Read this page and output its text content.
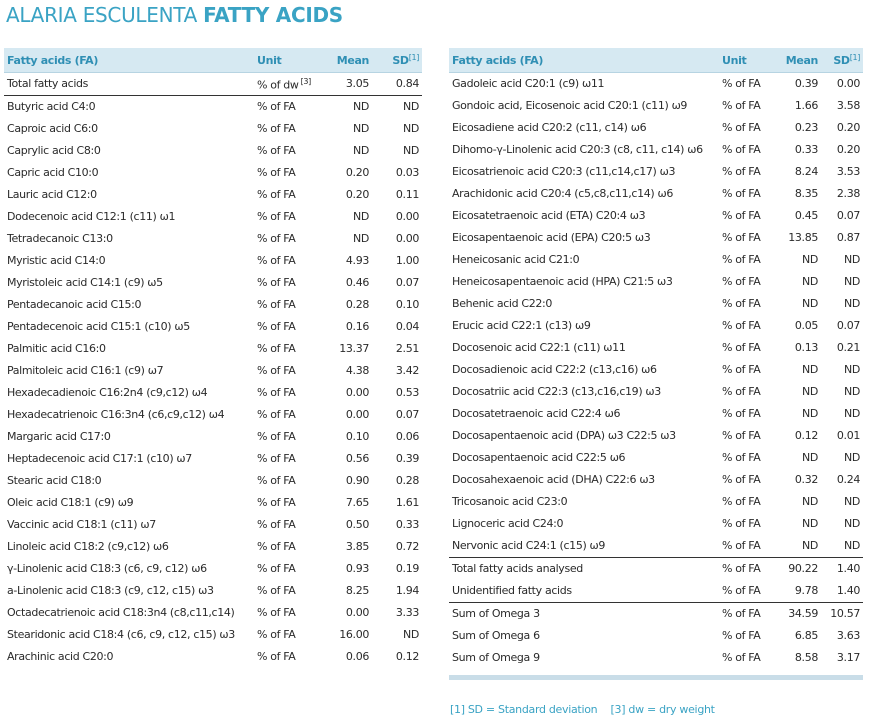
ALARIA ESCULENTA FATTY ACIDS
Fatty acids (FA)	Unit	Mean	SD[1]
Total fatty acids	% of dw [3]	3.05	0.84
Butyric acid C4:0	% of FA	ND	ND
Caproic acid C6:0	% of FA	ND	ND
Caprylic acid C8:0	% of FA	ND	ND
Capric acid C10:0	% of FA	0.20	0.03
Lauric acid C12:0	% of FA	0.20	0.11
Dodecenoic acid C12:1 (c11) ω1	% of FA	ND	0.00
Tetradecanoic C13:0	% of FA	ND	0.00
Myristic acid C14:0	% of FA	4.93	1.00
Myristoleic acid C14:1 (c9) ω5	% of FA	0.46	0.07
Pentadecanoic acid C15:0	% of FA	0.28	0.10
Pentadecenoic acid C15:1 (c10) ω5	% of FA	0.16	0.04
Palmitic acid C16:0	% of FA	13.37	2.51
Palmitoleic acid C16:1 (c9) ω7	% of FA	4.38	3.42
Hexadecadienoic C16:2n4 (c9,c12) ω4	% of FA	0.00	0.53
Hexadecatrienoic C16:3n4 (c6,c9,c12) ω4	% of FA	0.00	0.07
Margaric acid C17:0	% of FA	0.10	0.06
Heptadecenoic acid C17:1 (c10) ω7	% of FA	0.56	0.39
Stearic acid C18:0	% of FA	0.90	0.28
Oleic acid C18:1 (c9) ω9	% of FA	7.65	1.61
Vaccinic acid C18:1 (c11) ω7	% of FA	0.50	0.33
Linoleic acid C18:2 (c9,c12) ω6	% of FA	3.85	0.72
γ-Linolenic acid C18:3 (c6, c9, c12) ω6	% of FA	0.93	0.19
a-Linolenic acid C18:3 (c9, c12, c15) ω3	% of FA	8.25	1.94
Octadecatrienoic acid C18:3n4 (c8,c11,c14)	% of FA	0.00	3.33
Stearidonic acid C18:4 (c6, c9, c12, c15) ω3	% of FA	16.00	ND
Arachinic acid C20:0	% of FA	0.06	0.12
Fatty acids (FA)	Unit	Mean	SD[1]
Gadoleic acid C20:1 (c9) ω11	% of FA	0.39	0.00
Gondoic acid, Eicosenoic acid C20:1 (c11) ω9	% of FA	1.66	3.58
Eicosadiene acid C20:2 (c11, c14) ω6	% of FA	0.23	0.20
Dihomo-γ-Linolenic acid C20:3 (c8, c11, c14) ω6	% of FA	0.33	0.20
Eicosatrienoic acid C20:3 (c11,c14,c17) ω3	% of FA	8.24	3.53
Arachidonic acid C20:4 (c5,c8,c11,c14) ω6	% of FA	8.35	2.38
Eicosatetraenoic acid (ETA) C20:4 ω3	% of FA	0.45	0.07
Eicosapentaenoic acid (EPA) C20:5 ω3	% of FA	13.85	0.87
Heneicosanic acid C21:0	% of FA	ND	ND
Heneicosapentaenoic acid (HPA) C21:5 ω3	% of FA	ND	ND
Behenic acid C22:0	% of FA	ND	ND
Erucic acid C22:1 (c13) ω9	% of FA	0.05	0.07
Docosenoic acid C22:1 (c11) ω11	% of FA	0.13	0.21
Docosadienoic acid C22:2 (c13,c16) ω6	% of FA	ND	ND
Docosatriic acid C22:3 (c13,c16,c19) ω3	% of FA	ND	ND
Docosatetraenoic acid C22:4 ω6	% of FA	ND	ND
Docosapentaenoic acid (DPA) ω3 C22:5 ω3	% of FA	0.12	0.01
Docosapentaenoic acid C22:5 ω6	% of FA	ND	ND
Docosahexaenoic acid (DHA) C22:6 ω3	% of FA	0.32	0.24
Tricosanoic acid C23:0	% of FA	ND	ND
Lignoceric acid C24:0	% of FA	ND	ND
Nervonic acid C24:1 (c15) ω9	% of FA	ND	ND
Total fatty acids analysed	% of FA	90.22	1.40
Unidentified fatty acids	% of FA	9.78	1.40
Sum of Omega 3	% of FA	34.59	10.57
Sum of Omega 6	% of FA	6.85	3.63
Sum of Omega 9	% of FA	8.58	3.17
[1] SD = Standard deviation [3] dw = dry weight
